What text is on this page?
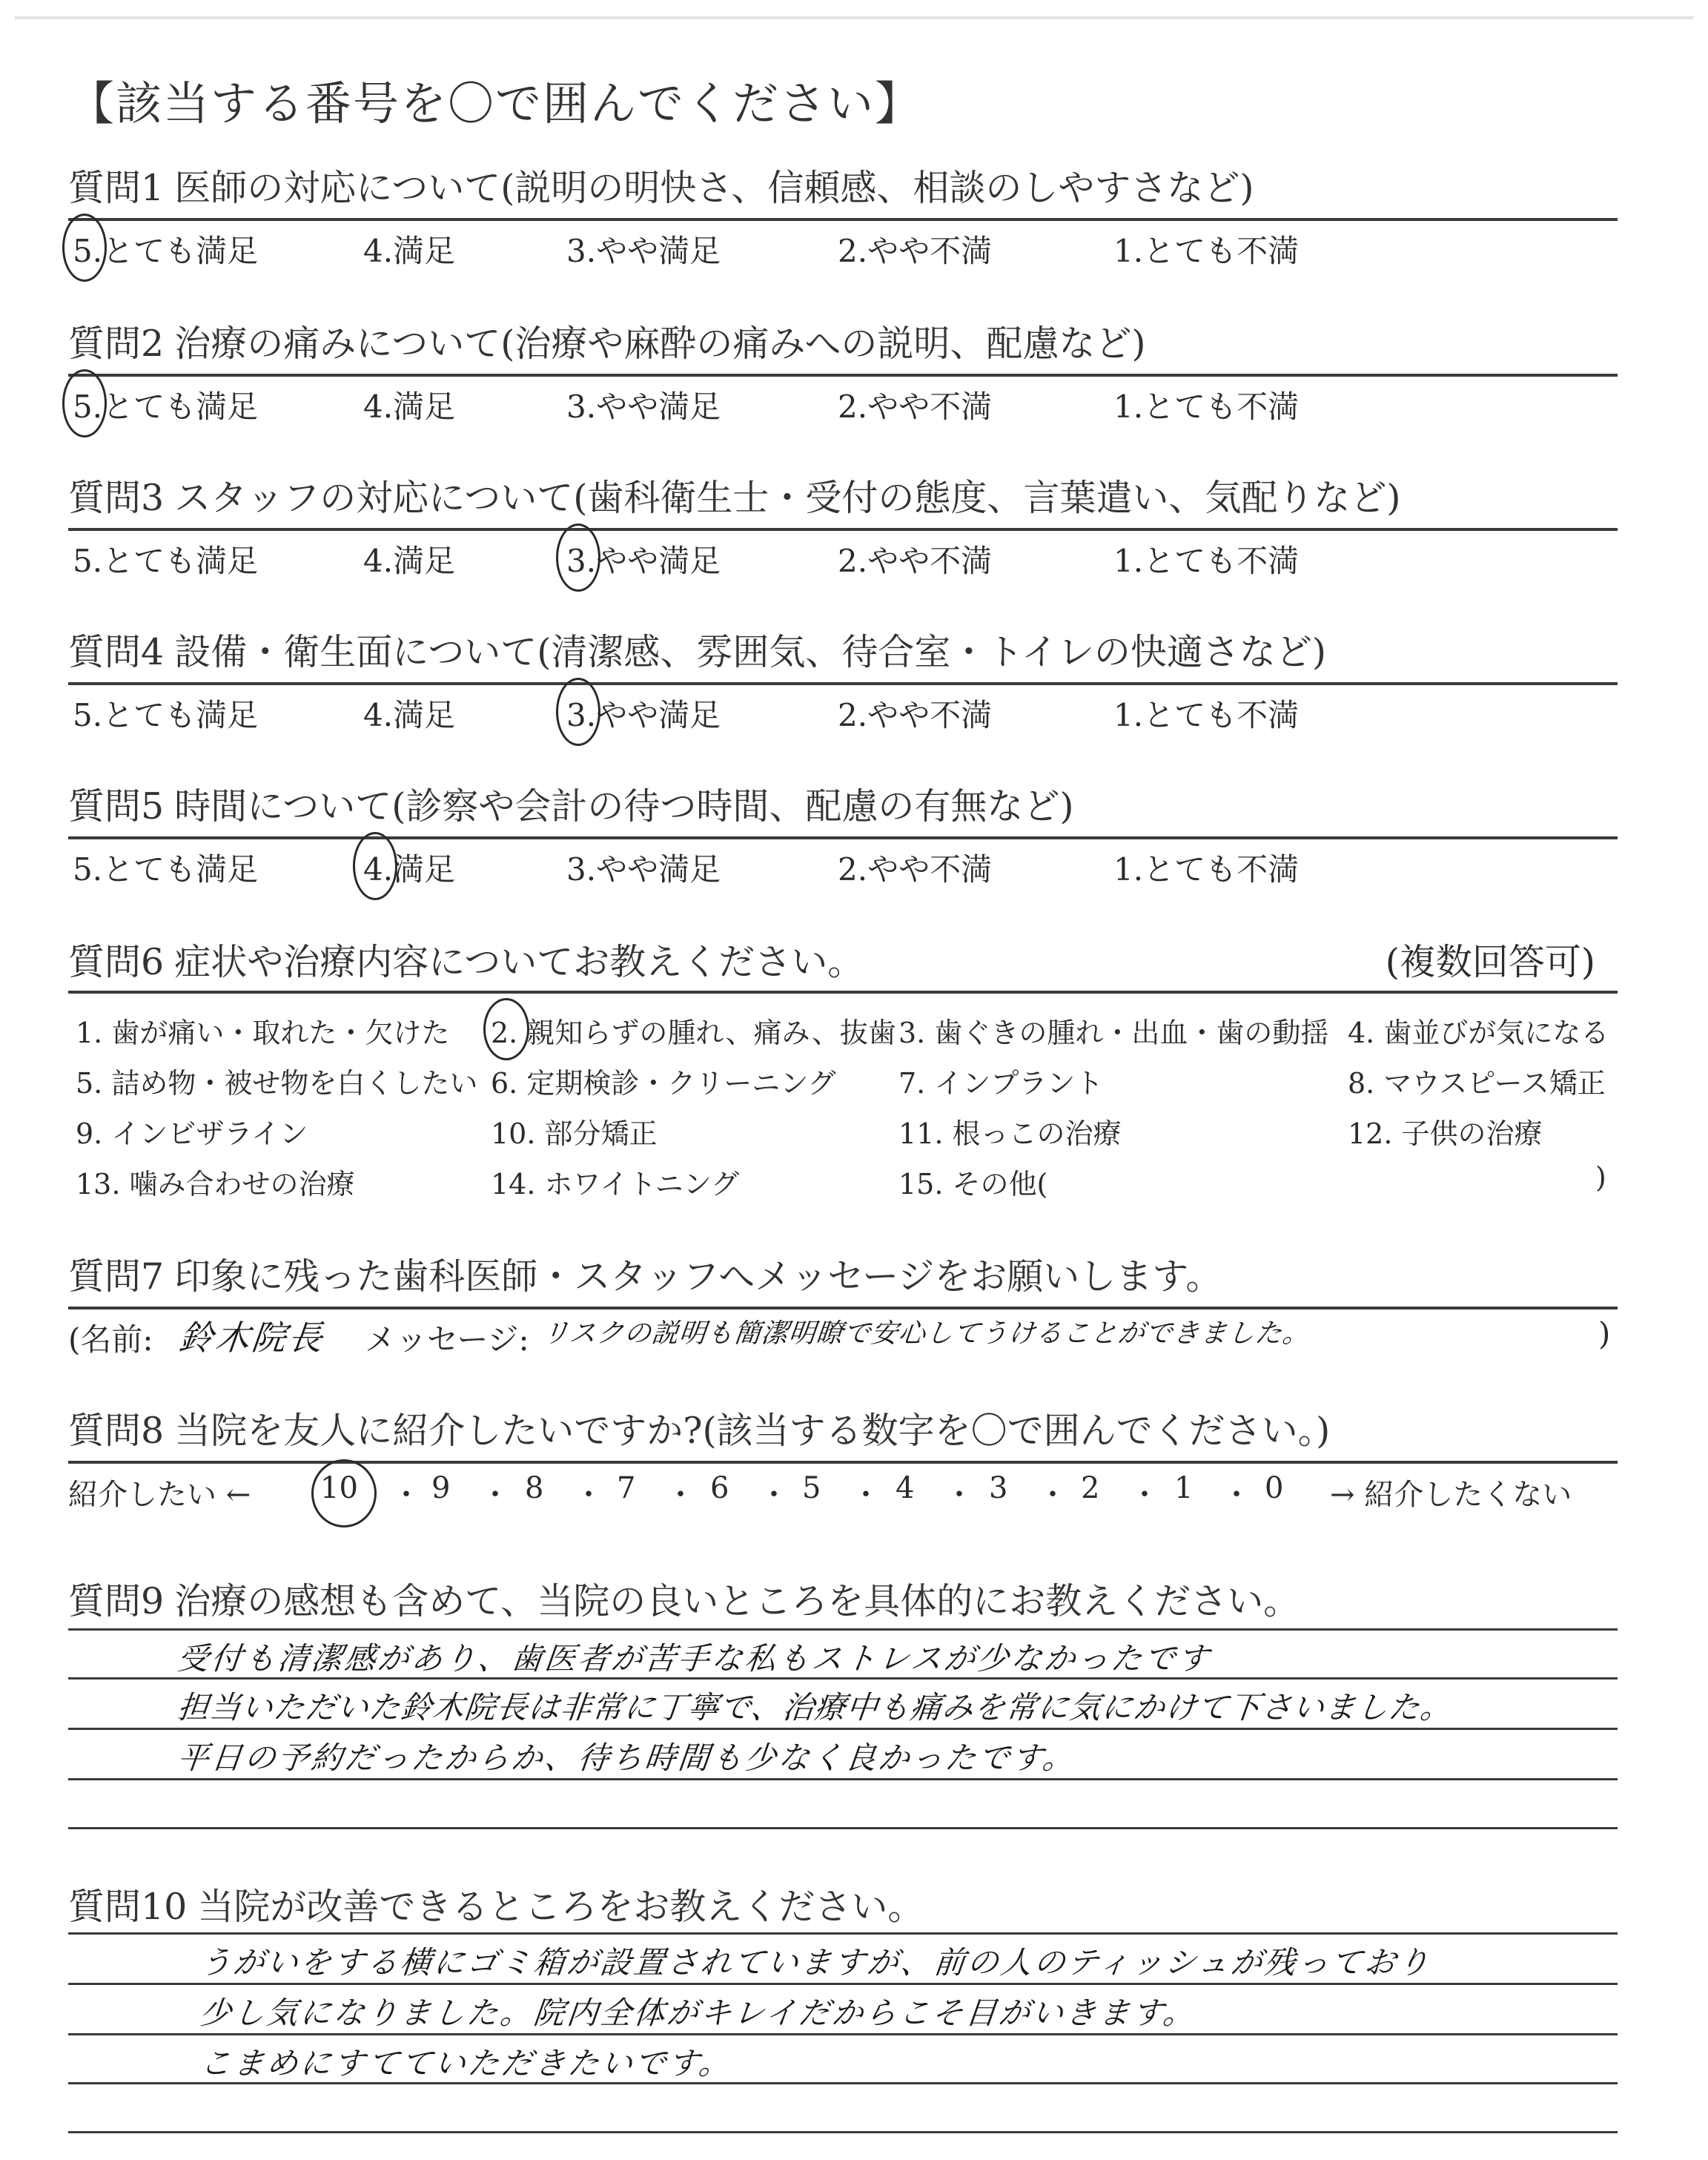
【該当する番号を〇で囲んでください】
質問1 医師の対応について(説明の明快さ、信頼感、相談のしやすさなど)
5.とても満足	4.満足	3.やや満足	2.やや不満	1.とても不満
質問2 治療の痛みについて(治療や麻酔の痛みへの説明、配慮など)
5.とても満足	4.満足	3.やや満足	2.やや不満	1.とても不満
質問3 スタッフの対応について(歯科衛生士・受付の態度、言葉遣い、気配りなど)
5.とても満足	4.満足	3.やや満足	2.やや不満	1.とても不満
質問4 設備・衛生面について(清潔感、雰囲気、待合室・トイレの快適さなど)
5.とても満足	4.満足	3.やや満足	2.やや不満	1.とても不満
質問5 時間について(診察や会計の待つ時間、配慮の有無など)
5.とても満足	4.満足	3.やや満足	2.やや不満	1.とても不満
質問6 症状や治療内容についてお教えください。	(複数回答可)
1. 歯が痛い・取れた・欠けた 2. 親知らずの腫れ、痛み、抜歯 3. 歯ぐきの腫れ・出血・歯の動揺 4. 歯並びが気になる
5. 詰め物・被せ物を白くしたい 6. 定期検診・クリーニング 7. インプラント	8. マウスピース矯正
9. インビザライン	10. 部分矯正	11. 根っこの治療	12. 子供の治療
13. 噛み合わせの治療	14. ホワイトニング	15. その他(	)
質問7 印象に残った歯科医師・スタッフへメッセージをお願いします。
(名前: 鈴木院長 メッセージ: リスクの説明も簡潔明瞭で安心してうけることができました。	)
質問8 当院を友人に紹介したいですか?(該当する数字を〇で囲んでください。)
紹介したい ← 10 ・ 9 ・ 8 ・ 7 ・ 6 ・ 5 ・ 4 ・ 3 ・ 2 ・ 1 ・ 0 → 紹介したくない
質問9 治療の感想も含めて、当院の良いところを具体的にお教えください。
受付も清潔感があり、歯医者が苦手な私もストレスが少なかったです
担当いただいた鈴木院長は非常に丁寧で、治療中も痛みを常に気にかけて下さいました。
平日の予約だったからか、待ち時間も少なく良かったです。
質問10 当院が改善できるところをお教えください。
うがいをする横にゴミ箱が設置されていますが、前の人のティッシュが残っており
少し気になりました。院内全体がキレイだからこそ目がいきます。
こまめにすてていただきたいです。
